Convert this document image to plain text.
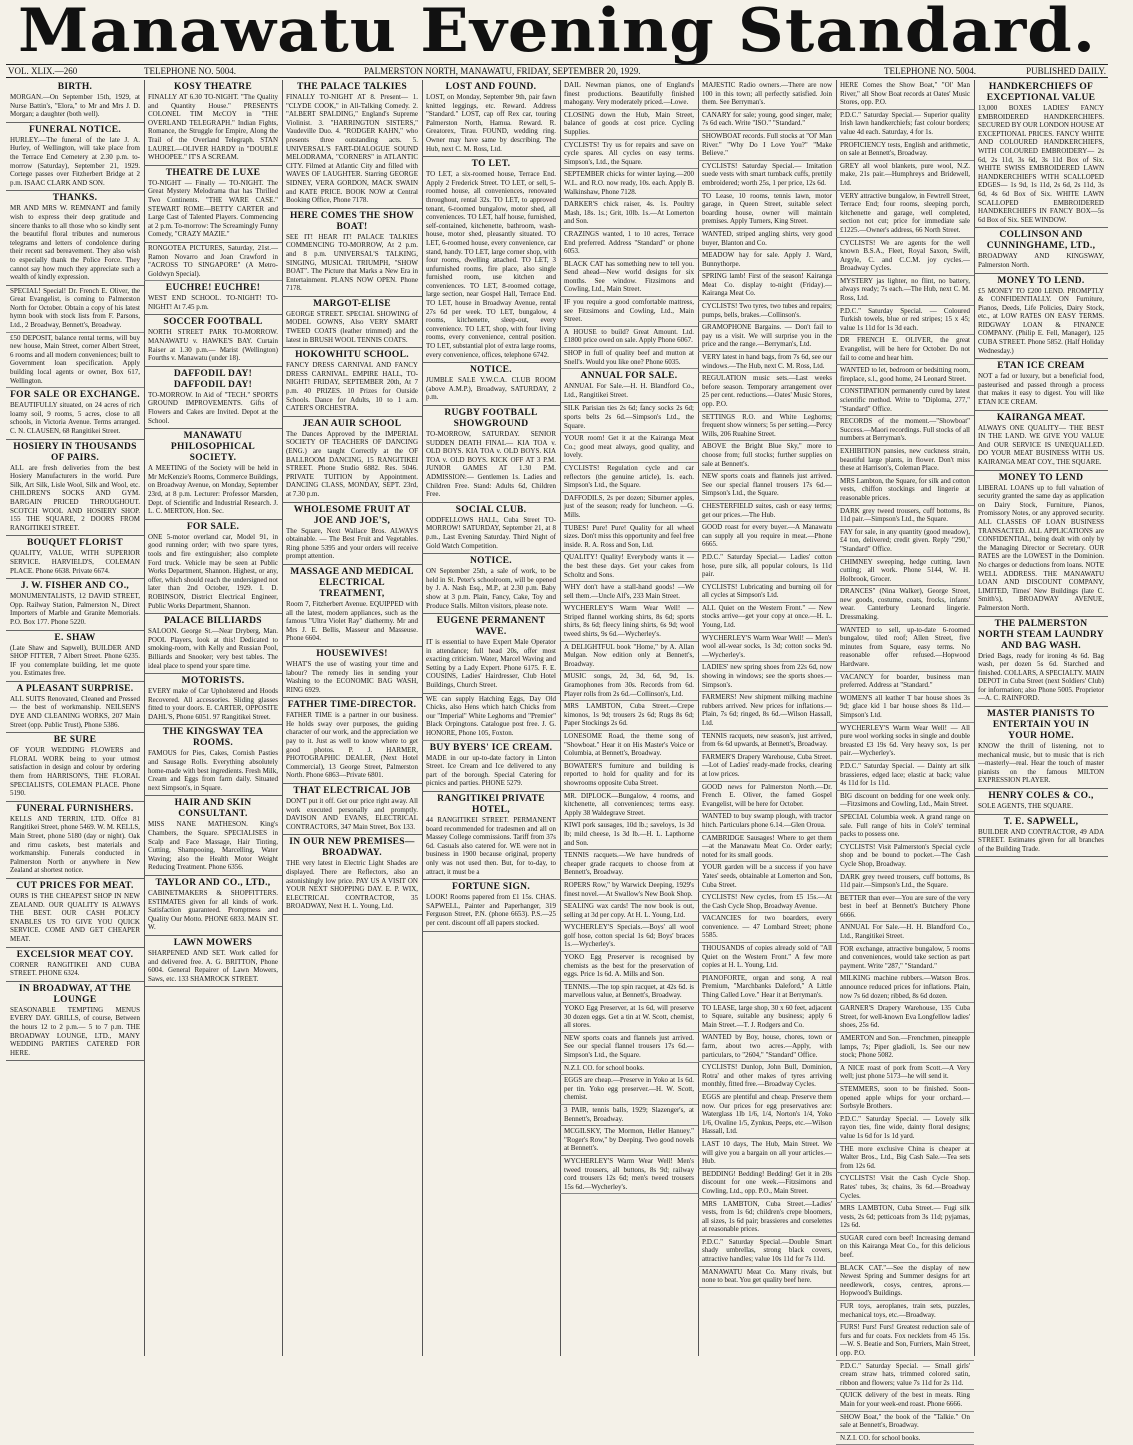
Manawatu Evening Standard.
VOL. XLIX.—260	TELEPHONE NO. 5004.	PALMERSTON NORTH, MANAWATU, FRIDAY, SEPTEMBER 20, 1929.	TELEPHONE NO. 5004.	PUBLISHED DAILY.
BIRTH.
MORGAN.—On September 15th, 1929, at Nurse Battin's, "Elora," to Mr and Mrs J. D. Morgan; a daughter (both well).
FUNERAL NOTICE.
HURLEY.—The funeral of the late J. A. Hurley, of Wellington, will take place from the Terrace End Cemetery at 2.30 p.m. to-morrow (Saturday), September 21, 1929. Cortege passes over Fitzherbert Bridge at 2 p.m. ISAAC CLARK AND SON.
THANKS.
MR AND MRS W. REMNANT and family wish to express their deep gratitude and sincere thanks to all those who so kindly sent the beautiful floral tributes and numerous telegrams and letters of condolence during their recent sad bereavement. They also wish to especially thank the Police Force. They cannot say how much they appreciate such a wealth of kindly expression.
SPECIAL! Special! Dr. French E. Oliver, the Great Evangelist, is coming to Palmerston North for October. Obtain a copy of his latest hymn book with stock lists from F. Parsons, Ltd., 2 Broadway, Bennett's, Broadway.
£50 DEPOSIT, balance rental terms, will buy new house, Main Street, corner Albert Street, 6 rooms and all modern conveniences; built to Government loan specification. Apply building local agents or owner, Box 617, Wellington.
FOR SALE OR EXCHANGE.
BEAUTIFULLY situated, on 24 acres of rich loamy soil, 9 rooms, 5 acres, close to all schools, in Victoria Avenue. Terms arranged. C. N. CLAUSEN, 68 Rangitikei Street.
HOSIERY IN THOUSANDS OF PAIRS.
ALL are fresh deliveries from the best Hosiery Manufacturers in the world. Pure Silk, Art Silk, Lisle Wool, Silk and Wool, etc. CHILDREN'S SOCKS AND GYM. BARGAIN PRICED THROUGHOUT. SCOTCH WOOL AND HOSIERY SHOP. 155 THE SQUARE, 2 DOORS FROM RANGITIKEI STREET.
BOUQUET FLORIST
QUALITY, VALUE, WITH SUPERIOR SERVICE. HARVIELD'S, COLEMAN PLACE. Phone 6638. Private 6674.
J. W. FISHER AND CO.,
MONUMENTALISTS, 12 DAVID STREET, Opp. Railway Station, Palmerston N., Direct Importers of Marble and Granite Memorials. P.O. Box 177. Phone 5220.
E. SHAW
(Late Shaw and Sapwell), BUILDER AND SHOP FITTER, 7 Albert Street. Phone 6235. IF you contemplate building, let me quote you. Estimates free.
A PLEASANT SURPRISE.
ALL SUITS Renovated, Cleaned and Pressed — the best of workmanship. NEILSEN'S DYE AND CLEANING WORKS, 207 Main Street (opp. Public Trust), Phone 5386.
BE SURE
OF YOUR WEDDING FLOWERS and FLORAL WORK being to your utmost satisfaction in design and colour by ordering them from HARRISON'S, THE FLORAL SPECIALISTS, COLEMAN PLACE. Phone 5190.
FUNERAL FURNISHERS.
KELLS AND TERRIN, LTD. Offce 81 Rangitikei Street, phone 5469. W. M. KELLS, Main Street, phone 5180 (day or night). Oak and rimu caskets, best materials and workmanship. Funerals conducted in Palmerston North or anywhere in New Zealand at shortest notice.
CUT PRICES FOR MEAT.
OURS IS THE CHEAPEST SHOP IN NEW ZEALAND. OUR QUALITY IS ALWAYS THE BEST. OUR CASH POLICY ENABLES US TO GIVE YOU QUICK SERVICE. COME AND GET CHEAPER MEAT.
EXCELSIOR MEAT COY.
CORNER RANGITIKEI AND CUBA STREET. PHONE 6324.
IN BROADWAY, AT THE LOUNGE
SEASONABLE TEMPTING MENUS EVERY DAY. GRILLS, of course, Between the hours 12 to 2 p.m.— 5 to 7 p.m. THE BROADWAY LOUNGE, LTD., MANY WEDDING PARTIES CATERED FOR HERE.
KOSY THEATRE
FINALLY AT 6.30 TO-NIGHT. "The Quality and Quantity House." PRESENTS COLONEL TIM McCOY in "THE OVERLAND TELEGRAPH." Indian Fights, Romance, the Struggle for Empire, Along the Trail of the Overland Telegraph. STAN LAUREL—OLIVER HARDY in "DOUBLE WHOOPEE." IT'S A SCREAM.
THEATRE DE LUXE
TO-NIGHT — Finally — TO-NIGHT. The Great Mystery Melodrama that has Thrilled Two Continents. "THE WARE CASE." STEWART ROME—BETTY CARTER and Large Cast of Talented Players. Commencing at 2 p.m. To-morrow: The Screamingly Funny Comedy, "CRAZY MAZIE."
RONGOTEA PICTURES, Saturday, 21st.—Ramon Novarro and Joan Crawford in "ACROSS TO SINGAPORE" (A Metro-Goldwyn Special).
EUCHRE! EUCHRE!
WEST END SCHOOL. TO-NIGHT! TO-NIGHT! At 7.45 p.m.
SOCCER FOOTBALL
NORTH STREET PARK TO-MORROW. MANAWATU v. HAWKE'S BAY. Curtain Raiser at 1.30 p.m.— Marist (Wellington) Fourths v. Manawatu (under 18).
DAFFODIL DAY! DAFFODIL DAY!
TO-MORROW. In Aid of "TECH." SPORTS GROUND IMPROVEMENTS. Gifts of Flowers and Cakes are Invited. Depot at the School.
MANAWATU PHILOSOPHICAL SOCIETY.
A MEETING of the Society will be held in Mr McKenzie's Rooms, Commerce Buildings, on Broadway Avenue, on Monday, September 23rd, at 8 p.m. Lecturer: Professor Marsden, Dept. of Scientific and Industrial Research. J. L. C. MERTON, Hon. Sec.
FOR SALE.
ONE 5-motor overland car, Model 91, in good running order; with two spare tyres, tools and fire extinguisher; also complete Ford truck. Vehicle may be seen at Public Works Department, Shannon. Highest, or any, offer, which should reach the undersigned not later than 2nd October, 1929. I. D. ROBINSON, District Electrical Engineer, Public Works Department, Shannon.
PALACE BILLIARDS
SALOON. George St.—Near Dryberg, Man. POOL Players, look at this! Dedicated to smoking-room, with Kelly and Russian Pool, Billiards and Snooker; very best tables. The ideal place to spend your spare time.
MOTORISTS.
EVERY make of Car Upholstered and Hoods Recovered. All accessories. Sliding glasses fitted to your doors. E. CARTER, OPPOSITE DAHL'S, Phone 6051. 97 Rangitikei Street.
THE KINGSWAY TEA ROOMS.
FAMOUS for Pies, Cakes, Cornish Pasties and Sausage Rolls. Everything absolutely home-made with best ingredients. Fresh Milk, Cream and Eggs from farm daily. Situated next Simpson's, in Square.
HAIR AND SKIN CONSULTANT.
MISS NANE MATHESON. King's Chambers, the Square. SPECIALISES in Scalp and Face Massage, Hair Tinting, Cutting, Shampooing, Marcelling, Water Waving; also the Health Motor Weight Reducing Treatment. Phone 6356.
TAYLOR AND CO., LTD.,
CABINETMAKERS & SHOPFITTERS. ESTIMATES given for all kinds of work. Satisfaction guaranteed. Promptness and Quality Our Motto. PHONE 6833. MAIN ST. W.
LAWN MOWERS
SHARPENED AND SET. Work called for and delivered free. A. G. BRITTON, Phone 6004. General Repairer of Lawn Mowers, Saws, etc. 133 SHAMROCK STREET.
THE PALACE TALKIES
FINALLY TO-NIGHT AT 8. Present— 1. "CLYDE COOK," in All-Talking Comedy. 2. "ALBERT SPALDING," England's Supreme Violinist. 3. "HARRINGTON SISTERS," Vaudeville Duo. 4. "RODGER KAHN," who presents three outstanding acts. 5. UNIVERSAL'S FART-DIALOGUE SOUND MELODRAMA, "CORNERS" in ATLANTIC CITY. Filmed at Atlantic City and filled with WAVES OF LAUGHTER. Starring GEORGE SIDNEY, VERA GORDON, MACK SWAIN and KATE PRICE. BOOK NOW at Central Booking Office, Phone 7178.
HERE COMES THE SHOW BOAT!
SEE IT! HEAR IT! PALACE TALKIES COMMENCING TO-MORROW, At 2 p.m. and 8 p.m. UNIVERSAL'S TALKING, SINGING, MUSICAL TRIUMPH, "SHOW BOAT". The Picture that Marks a New Era in Entertainment. PLANS NOW OPEN. Phone 7178.
MARGOT-ELISE
GEORGE STREET. SPECIAL SHOWING of MODEL GOWNS, Also VERY SMART TWEED COATS (leather trimmed) and the latest in BRUSH WOOL TENNIS COATS.
HOKOWHITU SCHOOL.
FANCY DRESS CARNIVAL AND FANCY DRESS CARNIVAL. EMPIRE HALL, TO-NIGHT! FRIDAY, SEPTEMBER 20th, At 7 p.m. 40 PRIZES. 10 Prizes for Outside Schools. Dance for Adults, 10 to 1 a.m. CATER'S ORCHESTRA.
JEAN AUIR SCHOOL
The Dances Approved by the IMPERIAL SOCIETY OF TEACHERS OF DANCING (ENG.) are taught Correctly at the OF BALLROOM DANCING, 15 RANGITIKEI STREET. Phone Studio 6882. Res. 5046. PRIVATE TUITION by Appointment. DANCING CLASS, MONDAY, SEPT. 23rd, at 7.30 p.m.
WHOLESOME FRUIT AT JOE AND JOE'S,
The Square, Next Wallace Bros. ALWAYS obtainable. — The Best Fruit and Vegetables. Ring phone 5395 and your orders will receive prompt attention.
MASSAGE AND MEDICAL ELECTRICAL TREATMENT,
Room 7, Fitzherbert Avenue. EQUIPPED with all the latest, modern appliances, such as the famous "Ultra Violet Ray" diathermy. Mr and Mrs J. E. Bellis, Masseur and Masseuse. Phone 6604.
HOUSEWIVES!
WHAT'S the use of wasting your time and labour? The remedy lies in sending your Washing to the ECONOMIC BAG WASH, RING 6929.
FATHER TIME-DIRECTOR.
FATHER TIME is a partner in our business. He holds sway over purposes, the guiding character of our work, and the appreciation we pay to it. Just as well to know where to get good photos. P. J. HARMER, PHOTOGRAPHIC DEALER, (Next Hotel Commercial), 13 George Street, Palmerston North. Phone 6863—Private 6801.
THAT ELECTRICAL JOB
DON'T put it off. Get our price right away. All work executed personally and promptly. DAVISON AND EVANS, ELECTRICAL CONTRACTORS, 347 Main Street, Box 133.
IN OUR NEW PREMISES—BROADWAY.
THE very latest in Electric Light Shades are displayed. There are Reflectors, also an astonishingly low price. PAY US A VISIT ON YOUR NEXT SHOPPING DAY. E. P. WIX, ELECTRICAL CONTRACTOR, 35 BROADWAY, Next H. L. Young, Ltd.
LOST AND FOUND.
LOST, on Monday, September 9th, pair fawn knitted leggings, etc. Reward. Address "Standard." LOST, cap off Rex car, touring Palmerston North, Hamua. Reward. R. Greatorex, Tirau. FOUND, wedding ring. Owner may have same by describing. The Hub, next C. M. Ross, Ltd.
TO LET.
TO LET, a six-roomed house, Terrace End. Apply 2 Frederick Street. TO LET, or sell, 5-roomed house, all conveniences, renovated throughout, rental 32s. TO LET, to approved tenant, 6-roomed bungalow, motor shed, all conveniences. TO LET, half house, furnished, self-contained, kitchenette, bathroom, wash-house, motor shed, pleasantly situated. TO LET, 6-roomed house, every convenience, car stand, handy. TO LET, large corner shop, with four rooms, dwelling attached. TO LET, 3 unfurnished rooms, fire place, also single furnished room, use kitchen and conveniences. TO LET, 8-roomed cottage, large section, near Gospel Hall, Terrace End. TO LET, house in Broadway Avenue, rental 27s 6d per week. TO LET, bungalow, 4 rooms, kitchenette, sleep-out, every convenience. TO LET, shop, with four living rooms, every convenience, central position. TO LET, substantial plot of extra large rooms, every convenience, offices, telephone 6742.
NOTICE.
JUMBLE SALE Y.W.C.A. CLUB ROOM (above A.M.P.), Broadway, SATURDAY, 2 p.m.
RUGBY FOOTBALL SHOWGROUND
TO-MORROW, SATURDAY. SENIOR SUDDEN DEATH FINAL— KIA TOA v. OLD BOYS. KIA TOA v. OLD BOYS. KIA TOA v. OLD BOYS. KICK OFF AT 3 P.M. JUNIOR GAMES AT 1.30 P.M. ADMISSION:— Gentlemen 1s. Ladies and Children Free. Stand: Adults 6d, Children Free.
SOCIAL CLUB.
ODDFELLOWS HALL, Cuba Street TO-MORROW! SATURDAY, September 21, at 8 p.m., Last Evening Saturday. Third Night of Gold Watch Competition.
NOTICE.
ON September 25th, a sale of work, to be held in St. Peter's schoolroom, will be opened by J. A. Nash Esq., M.P., at 2.30 p.m. Baby show at 3 p.m. Plain, Fancy, Cake, Toy and Produce Stalls. Milton visitors, please note.
EUGENE PERMANENT WAVE.
IT is essential to have Expert Male Operator in attendance; full head 20s, offer most exacting criticism. Water, Marcel Waving and Setting by a Lady Expert. Phone 6175. F. E. COUSINS, Ladies' Hairdresser, Club Hotel Buildings, Church Street.
WE can supply Hatching Eggs, Day Old Chicks, also Hens which hatch Chicks from our "Imperial" White Leghorns and "Premier" Black Orpingtons. Catalogue post free. J. G. HONORE, Phone 105, Foxton.
BUY BYERS' ICE CREAM.
MADE in our up-to-date factory in Linton Street. Ice Cream and Ice delivered to any part of the borough. Special Catering for picnics and parties. PHONE 5279.
RANGITIKEI PRIVATE HOTEL,
44 RANGITIKEI STREET. PERMANENT board recommended for tradesmen and all on Massey College commissions. Tariff from 37s 6d. Casuals also catered for. WE were not in business in 1900 because original, property only was not used then. But, for to-day, to attract, it must be a
FORTUNE SIGN.
LOOK! Rooms papered from £1 15s. CHAS. SAPWELL, Painter and Paperhanger, 319 Ferguson Street, P.N. (phone 6653). P.S.—25 per cent. discount off all papers stocked.
DAIL Newman pianos, one of England's finest productions. Beautifully finished mahogany. Very moderately priced.—Lowe.
CLOSING down the Hub, Main Street, balance of goods at cost price. Cycling Supplies.
CYCLISTS! Try us for repairs and save on cycle spares. All cycles on easy terms. Simpson's, Ltd., the Square.
SEPTEMBER chicks for winter laying.—200 W.L. and R.O. now ready, 10s. each. Apply B. Walkinshaw, Phone 7128.
DARKER'S chick raiser, 4s. 1s. Poultry Mash, 18s. 1s.; Grit, 10lb. 1s.—At Lomerton and Son.
CRAZINGS wanted, 1 to 10 acres, Terrace End preferred. Address "Standard" or phone 6053.
BLACK CAT has something new to tell you. Send ahead—New world designs for six months. See window. Fitzsimons and Cowling, Ltd., Main Street.
IF you require a good comfortable mattress, see Fitzsimons and Cowling, Ltd., Main Street.
A HOUSE to build? Great Amount. Ltd. £1800 price owed on sale. Apply Phone 6067.
SHOP in full of quality beef and mutton at Snell's. Would you like one? Phone 6035.
ANNUAL FOR SALE.
ANNUAL For Sale.—H. H. Blandford Co., Ltd., Rangitikei Street.
SILK Parisian ties 2s 6d; fancy socks 2s 6d; sports belts 2s 6d.—Simpson's Ltd., the Square.
YOUR room! Get it at the Kairanga Meat Co.; good meat always, good quality, and lovely.
CYCLISTS! Regulation cycle and car reflectors (the genuine article), 1s. each. Simpson's Ltd., the Square.
DAFFODILS, 2s per dozen; Siburner apples, just of the season; ready for luncheon. —G. Mills.
TUBES! Pure! Pure! Quality for all wheel sizes. Don't miss this opportunity and feel free inside. R. A. Ross and Son, Ltd.
QUALITY! Quality! Everybody wants it — the best these days. Get your cakes from Scholtz and Sons.
WHY don't have a stall-hand goods! —We sell them.—Uncle Alf's, 233 Main Street.
WYCHERLEY'S Warm Wear Well! — Striped flannel working shirts, 8s 6d; sports shirts, 8s 6d; fleecy lining shirts, 6s 9d; wool tweed shirts, 9s 6d.—Wycherley's.
A DELIGHTFUL book "Home," by A. Allan Mulgan. Now edition only at Bennett's, Broadway.
MUSIC songs, 2d, 3d, 6d, 9d, 1s. Gramophones from 30s. Records from 6d. Player rolls from 2s 6d.—Collinson's, Ltd.
MRS LAMBTON, Cuba Street.—Crepe kimonos, 1s 9d; trousers 2s 6d; Rugs 8s 6d; Paper Stockings 2s 6d.
LONESOME Road, the theme song of "Showboat." Hear it on His Master's Voice or Columbia, at Bennett's, Broadway.
BOWATER'S furniture and building is reported to hold for quality and for its showrooms opposite Cuba Street.
MR. DIPLOCK—Bungalow, 4 rooms, and kitchenette, all conveniences; terms easy. Apply 38 Waldegrave Street.
KIWI pork sausages, 10d lb.; saveloys, 1s 3d lb; mild cheese, 1s 3d lb.—H. L. Lapthorne and Son.
TENNIS racquets.—We have hundreds of cheaper grade racquets to choose from at Bennett's, Broadway.
ROPERS Row," by Warwick Deeping, 1929's finest novel.—At Swallow's New Book Shop.
SEALING wax cards! The now book is out, selling at 3d per copy. At H. L. Young, Ltd.
WYCHERLEY'S Specials.—Boys' all wool golf hose, cotton special 1s 6d; Boys' braces 1s.—Wycherley's.
YOKO Egg Preserver is recognised by chemists as the best for the preservation of eggs. Price 1s 6d. A. Mills and Son.
TENNIS.—The top spin racquet, at 42s 6d. is marvellous value, at Bennett's, Broadway.
YOKO Egg Preserver, at 1s 6d, will preserve 30 dozen eggs. Get a tin at W. Scott, chemist, all stores.
NEW sports coats and flannels just arrived. See our special flannel trousers 17s 6d.—Simpson's Ltd., the Square.
N.Z.I. CO. for school books.
EGGS are cheap.—Preserve in Yoko at 1s 6d. per tin. Yoko egg preserver.—H. W. Scott, chemist.
3 PAIR, tennis balls, 1929; Slazenger's, at Bennett's, Broadway.
MCGILSKY, The Mormon, Heller Hanuey." "Roger's Row," by Deeping. Two good novels at Bennett's.
WYCHERLEY'S Warm Wear Well! Men's tweed trousers, all buttons, 8s 9d; railway cord trousers 12s 6d; men's tweed trousers 15s 6d.—Wycherley's.
MAJESTIC Radio owners.—There are now 100 in this town; all perfectly satisfied. Join them. See Berryman's.
CANARY for sale; young, good singer, male; 7s 6d each. Write "ISO." "Standard."
SHOWBOAT records. Full stocks at "Ol' Man River." "Why Do I Love You?" "Make Believe."
CYCLISTS! Saturday Special.— Imitation suede vests with smart turnback cuffs, prettily embroidered; worth 25s, 1 per price, 12s 6d.
TO Lease, 10 rooms, tennis lawn, motor garage, in Queen Street, suitable select boarding house, owner will maintain premises. Apply Turners, King Street.
WANTED, striped angling shirts, very good buyer, Blanton and Co.
MEADOW hay for sale. Apply J. Ward, Bunnythorpe.
SPRING lamb! First of the season! Kairanga Meat Co. display to-night (Friday).—Kairanga Meat Co.
CYCLISTS! Two tyres, two tubes and repairs; pumps, bells, brakes.—Collinson's.
GRAMOPHONE Bargains. — Don't fail to pay us a visit. We will surprise you in the price and the range.—Berryman's, Ltd.
VERY latest in hand bags, from 7s 6d, see our windows.—The Hub, next C. M. Ross, Ltd.
REGULATION music sets.—Last weeks before season. Temporary arrangement over 25 per cent. reductions.—Oates' Music Stores, opp. P.O.
SETTINGS R.O. and White Leghorns; frequent show winners; 5s per setting.—Percy Wills, 206 Ruahine Street.
ABOVE the Bright Blue Sky," more to choose from; full stocks; further supplies on sale at Bennett's.
NEW sports coats and flannels just arrived. See our special flannel trousers 17s 6d.—Simpson's Ltd., the Square.
CHESTERFIELD suites, cash or easy terms; get our prices.—The Hub.
GOOD roast for every buyer.—A Manawatu can supply all you require in meat.—Phone 6665.
P.D.C." Saturday Special.— Ladies' cotton hose, pure silk, all popular colours, 1s 11d pair.
CYCLISTS! Lubricating and burning oil for all cycles at Simpson's Ltd.
ALL Quiet on the Western Front." — New stocks arrive—get your copy at once.—H. L. Young, Ltd.
WYCHERLEY'S Warm Wear Well! — Men's wool all-wear socks, 1s 3d; cotton socks 9d.—Wycherley's.
LADIES' new spring shoes from 22s 6d, now showing in windows; see the sports shoes.—Simpson's.
FARMERS! New shipment milking machine rubbers arrived. New prices for inflations.—Plain, 7s 6d; ringed, 8s 6d.—Wilson Hassall, Ltd.
TENNIS racquets, new season's, just arrived, from 6s 6d upwards, at Bennett's, Broadway.
FARMER'S Drapery Warehouse, Cuba Street.—Lot of Ladies' ready-made frocks, clearing at low prices.
GOOD news for Palmerston North.—Dr. French E. Oliver, the famed Gospel Evangelist, will be here for October.
WANTED to buy swamp plough, with tractor hitch. Particulars phone 6.14.—Glen Oroua.
CAMBRIDGE Sausages! Where to get them—at the Manawatu Meat Co. Order early; noted for its small goods.
YOUR garden will be a success if you have Yates' seeds, obtainable at Lomerton and Son, Cuba Street.
CYCLISTS! New cycles, from £5 15s.—At the Cash Cycle Shop, Broadway Avenue.
VACANCIES for two boarders, every convenience. — 47 Lombard Street; phone 5585.
THOUSANDS of copies already sold of "All Quiet on the Western Front." A few more copies at H. L. Young, Ltd.
PIANOFORTE, organ and song. A real Premium, "Marchbanks Daleford," A Little Thing Called Love." Hear it at Berryman's.
TO LEASE, large shop, 30 x 60 feet, adjacent to Square, suitable any business; apply 6 Main Street.—T. J. Rodgers and Co.
WANTED by Boy, house, chores, town or farm, about two acres.—Apply, with particulars, to "2604," "Standard" Office.
CYCLISTS! Dunlop, John Bull, Dominion, Rotra' and other makes of tyres arriving monthly, fitted free.—Broadway Cycles.
EGGS are plentiful and cheap. Preserve them now. Our prices for egg preservatives are: Waterglass 1lb 1/6, 1/4, Norton's 1/4, Yoko 1/6, Ovaline 1/5, Zynkus, Peeps, etc.—Wilson Hassall, Ltd.
LAST 10 days, The Hub, Main Street. We will give you a bargain on all your articles.—Hub.
BEDDING! Bedding! Bedding! Get it in 20s discount for one week.—Fitzsimons and Cowling, Ltd., opp. P.O., Main Street.
MRS LAMBTON, Cuba Street.—Ladies' vests, from 1s 6d; children's crepe bloomers, all sizes, 1s 6d pair; brassieres and corselettes at reasonable prices.
P.D.C." Saturday Special.—Double Smart shady umbrellas, strong black covers, attractive handles; value 10s 11d for 7s 11d.
MANAWATU Meat Co. Many rivals, but none to beat. You get quality beef here.
HERE Comes the Show Boat," "Ol' Man River," all Show Boat records at Oates' Music Stores, opp. P.O.
P.D.C." Saturday Special.— Superior quality Irish lawn handkerchiefs; fast colour borders; value 4d each. Saturday, 4 for 1s.
PROFICIENCY tests, English and arithmetic, on sale at Bennett's, Broadway.
GREY all wool blankets, pure wool, N.Z. make, 21s pair.—Humphreys and Bridewell, Ltd.
VERY attractive bungalow, in Fewtrell Street, Terrace End; four rooms, sleeping porch, kitchenette and garage, well completed, section not cut; price for immediate sale £1225.—Owner's address, 66 North Street.
CYCLISTS! We are agents for the well known B.S.A., Fleet, Royal Saxon, Swift, Argyle, C. and C.C.M. joy cycles.—Broadway Cycles.
MYSTERY jas lighter, no flint, no battery, always ready; 7s each.—The Hub, next C. M. Ross, Ltd.
P.D.C." Saturday Special. — Coloured Turkish towels, blue or red stripes; 15 x 45; value 1s 11d for 1s 3d each.
DR FRENCH E. OLIVER, the great Evangelist, will be here for October. Do not fail to come and hear him.
WANTED to let, bedroom or bedsitting room, fireplace, s.l., good home, 24 Leonard Street.
CONSTIPATION permanently cured by latest scientific method. Write to "Diploma, 277," "Standard" Office.
RECORDS of the moment.—"Showboat" Success.—Maori recordings. Full stocks of all numbers at Berryman's.
EXHIBITION pansies, new cuckness strain, beautiful large plants, in flower. Don't miss these at Harrison's, Coleman Place.
MRS Lambton, the Square, for silk and cotton vests, chiffon stockings and lingerie at reasonable prices.
DARK grey tweed trousers, cuff bottoms, 8s 11d pair.—Simpson's Ltd., the Square.
FAY for sale, in any quantity (good meadow), £4 ton, delivered; credit given. Reply "290," "Standard" Office.
CHIMNEY sweeping, hedge cutting, lawn cutting; all work. Phone 5144, W. H. Holbrook, Grocer.
DRANCES" (Nina Walker), George Street, new goods, costume, coats, frocks, infants' wear. Canterbury Leonard lingerie. Dressmaking.
WANTED to sell, up-to-date 6-roomed bungalow, tiled roof; Allen Street, five minutes from Square, easy terms. No reasonable offer refused.—Hopwood Hardware.
VACANCY for boarder, business man preferred. Address at "Standard."
WOMEN'S all leather T bar house shoes 3s 9d; glace kid 1 bar house shoes 8s 11d.—Simpson's Ltd.
WYCHERLEY'S Warm Wear Well! — All pure wool working socks in single and double breasted £3 19s 6d. Very heavy sox, 1s per pair.—Wycherley's.
P.D.C." Saturday Special. — Dainty art silk brassieres, edged lace; elastic at back; value 4s 11d for 1s 11d.
BIG discount on bedding for one week only.—Fitzsimons and Cowling, Ltd., Main Street.
SPECIAL Columbia week. A grand range on sale. Full range of hits in Cole's' terminal packs to possess one.
CYCLISTS! Visit Palmerston's Special cycle shop and be bound to pocket.—The Cash Cycle Shop, Broadway.
DARK grey tweed trousers, cuff bottoms, 8s 11d pair.—Simpson's Ltd., the Square.
BETTER than ever—You are sure of the very best in beef at Bennett's Butchery Phone 6666.
ANNUAL For Sale.—H. H. Blandford Co., Ltd., Rangitikei Street.
FOR exchange, attractive bungalow, 5 rooms and conveniences, would take section as part payment. Write "287," "Standard."
MILKING machine rubbers.—Watson Bros. announce reduced prices for inflations. Plain, now 7s 6d dozen; ribbed, 8s 6d dozen.
GARNER'S Drapery Warehouse, 135 Cuba Street, for well-known Eva Longfellow ladies' shoes, 25s 6d.
AMERTON and Son.—Frenchmen, pineapple lamps, 7s; Piper gladioli, 1s. See our new stock; Phone 5082.
A NICE roast of pork from Scott.—A Very well; just phone 5173—he will send it.
STEMMERS, soon to be finished. Soon-opened apple whips for your orchard.—Sorbsyle Brothers.
P.D.C." Saturday Special. — Lovely silk rayon ties, fine wide, dainty floral designs; value 1s 6d for 1s 1d yard.
THE more exclusive China is cheaper at Walter Bros., Ltd., Big Cash Sale.—Tea sets from 12s 6d.
CYCLISTS! Visit the Cash Cycle Shop. Rates' tubes, 3s; chains, 3s 6d.—Broadway Cycles.
MRS LAMBTON, Cuba Street.— Fugi silk vests, 2s 6d; petticoats from 3s 11d; pyjamas, 12s 6d.
SUGAR cured corn beef! Increasing demand on this Kairanga Meat Co., for this delicious beef.
BLACK CAT."—See the display of new Newest Spring and Summer designs for art needlework, cosys, centres, aprons.—Hopwood's Buildings.
FUR toys, aeroplanes, train sets, puzzles, mechanical toys, etc.—Broadway.
FURS! Furs! Furs! Greatest reduction sale of furs and fur coats. Fox necklets from 45 15s.—W. S. Beatie and Son, Furriers, Main Street, opp. P.O.
P.D.C." Saturday Special. — Small girls' cream straw hats, trimmed colored satin, ribbon and flowers; value 7s 11d for 2s 11d.
QUICK delivery of the best in meats. Ring Main for your week-end roast. Phone 6666.
SHOW Boat," the book of the "Talkie." On sale at Bennett's, Broadway.
N.Z.I. CO. for school books.
HANDKERCHIEFS OF EXCEPTIONAL VALUE
13,000 BOXES LADIES' FANCY EMBROIDERED HANDKERCHIEFS. SECURED BY OUR LONDON HOUSE AT EXCEPTIONAL PRICES. FANCY WHITE AND COLOURED HANDKERCHIEFS, WITH COLOURED EMBROIDERY— 2s 6d, 2s 11d, 3s 6d, 3s 11d Box of Six. WHITE SWISS EMBROIDERED LAWN HANDKERCHIEFS WITH SCALLOPED EDGES— 1s 9d, 1s 11d, 2s 6d, 2s 11d, 3s 6d, 4s 6d Box of Six. WHITE LAWN SCALLOPED EMBROIDERED HANDKERCHIEFS IN FANCY BOX—5s 6d Box of Six. SEE WINDOW.
COLLINSON AND CUNNINGHAME, LTD.,
BROADWAY AND KINGSWAY, Palmerston North.
MONEY TO LEND.
£5 MONEY TO £200 LEND. PROMPTLY & CONFIDENTIALLY. ON Furniture, Pianos, Deeds, Life Policies, Dairy Stock, etc., at LOW RATES ON EASY TERMS. RIDGWAY LOAN & FINANCE COMPANY. (Philip E. Fell, Manager), 125 CUBA STREET. Phone 5852. (Half Holiday Wednesday.)
ETAN ICE CREAM
NOT a fad or luxury, but a beneficial food, pasteurised and passed through a process that makes it easy to digest. You will like ETAN ICE CREAM.
KAIRANGA MEAT.
ALWAYS ONE QUALITY— THE BEST IN THE LAND. WE GIVE YOU VALUE And OUR SERVICE IS UNEQUALLED. DO YOUR MEAT BUSINESS WITH US. KAIRANGA MEAT COY., THE SQUARE.
MONEY TO LEND
LIBERAL LOANS up to full valuation of security granted the same day as application on Dairy Stock, Furniture, Pianos, Promissory Notes, or any approved security. ALL CLASSES OF LOAN BUSINESS TRANSACTED. ALL APPLICATIONS are CONFIDENTIAL, being dealt with only by the Managing Director or Secretary. OUR RATES are the LOWEST in the Dominion. No charges or deductions from loans. NOTE WELL ADDRESS. THE MANAWATU LOAN AND DISCOUNT COMPANY, LIMITED, Times' New Buildings (late C. Smith's), BROADWAY AVENUE, Palmerston North.
THE PALMERSTON NORTH STEAM LAUNDRY AND BAG WASH.
Dried Bags, ready for ironing 4s 6d. Bag wash, per dozen 5s 6d. Starched and finished. COLLARS, A SPECIALTY. MAIN DEPOT in Cuba Street (next Soldiers' Club) for information; also Phone 5005. Proprietor—A. C. RAINFORD.
MASTER PIANISTS TO ENTERTAIN YOU IN YOUR HOME.
KNOW the thrill of listening, not to mechanical music, but to music that is rich—masterly—real. Hear the touch of master pianists on the famous MILTON EXPRESSION PLAYER.
HENRY COLES & CO.,
SOLE AGENTS, THE SQUARE.
T. E. SAPWELL,
BUILDER AND CONTRACTOR, 49 ADA STREET. Estimates given for all branches of the Building Trade.
